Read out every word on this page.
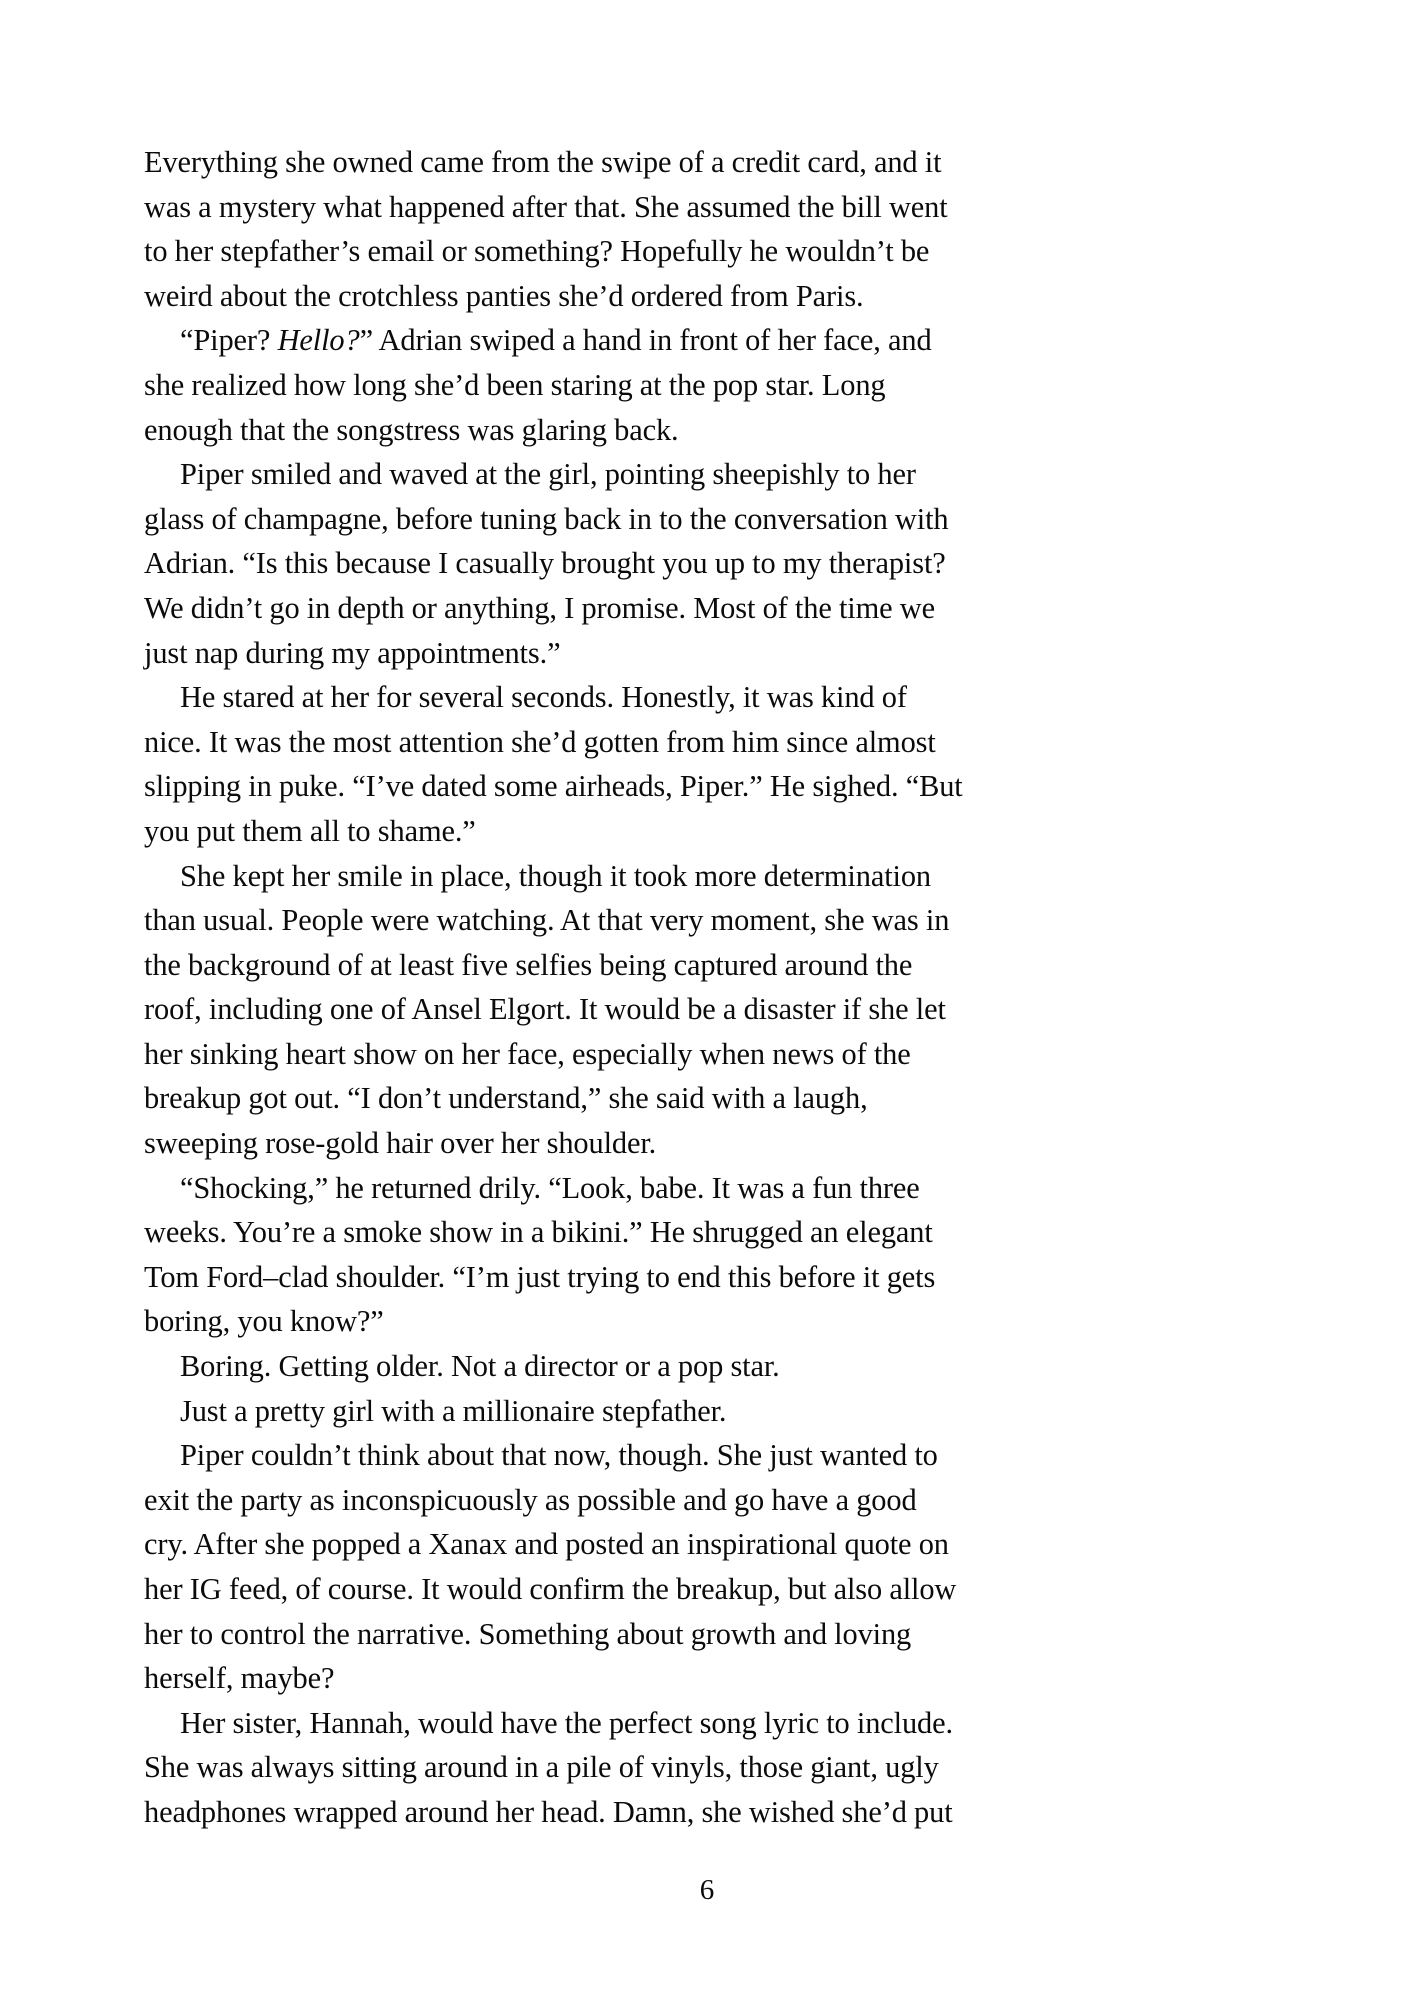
Everything she owned came from the swipe of a credit card, and it was a mystery what happened after that. She assumed the bill went to her stepfather’s email or something? Hopefully he wouldn’t be weird about the crotchless panties she’d ordered from Paris.

“Piper? Hello?” Adrian swiped a hand in front of her face, and she realized how long she’d been staring at the pop star. Long enough that the songstress was glaring back.

Piper smiled and waved at the girl, pointing sheepishly to her glass of champagne, before tuning back in to the conversation with Adrian. “Is this because I casually brought you up to my therapist? We didn’t go in depth or anything, I promise. Most of the time we just nap during my appointments.”

He stared at her for several seconds. Honestly, it was kind of nice. It was the most attention she’d gotten from him since almost slipping in puke. “I’ve dated some airheads, Piper.” He sighed. “But you put them all to shame.”

She kept her smile in place, though it took more determination than usual. People were watching. At that very moment, she was in the background of at least five selfies being captured around the roof, including one of Ansel Elgort. It would be a disaster if she let her sinking heart show on her face, especially when news of the breakup got out. “I don’t understand,” she said with a laugh, sweeping rose-gold hair over her shoulder.

“Shocking,” he returned drily. “Look, babe. It was a fun three weeks. You’re a smoke show in a bikini.” He shrugged an elegant Tom Ford–clad shoulder. “I’m just trying to end this before it gets boring, you know?”

Boring. Getting older. Not a director or a pop star.

Just a pretty girl with a millionaire stepfather.

Piper couldn’t think about that now, though. She just wanted to exit the party as inconspicuously as possible and go have a good cry. After she popped a Xanax and posted an inspirational quote on her IG feed, of course. It would confirm the breakup, but also allow her to control the narrative. Something about growth and loving herself, maybe?

Her sister, Hannah, would have the perfect song lyric to include. She was always sitting around in a pile of vinyls, those giant, ugly headphones wrapped around her head. Damn, she wished she’d put

6
